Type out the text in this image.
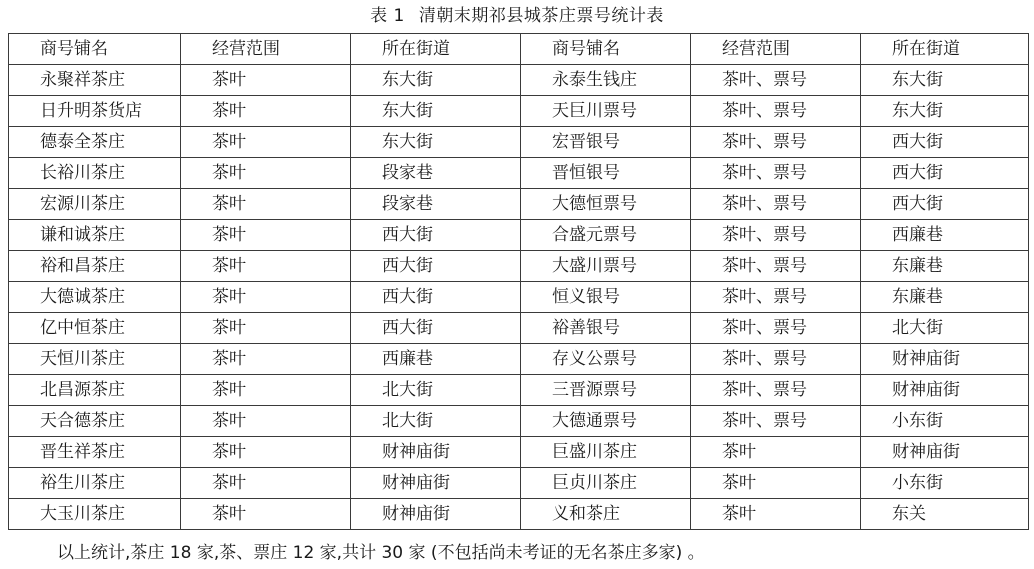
表 1 清朝末期祁县城茶庄票号统计表
商号铺名	经营范围	所在街道	商号铺名	经营范围	所在街道
永聚祥茶庄	茶叶	东大街	永泰生钱庄	茶叶、票号	东大街
日升明茶货店	茶叶	东大街	天巨川票号	茶叶、票号	东大街
德泰全茶庄	茶叶	东大街	宏晋银号	茶叶、票号	西大街
长裕川茶庄	茶叶	段家巷	晋恒银号	茶叶、票号	西大街
宏源川茶庄	茶叶	段家巷	大德恒票号	茶叶、票号	西大街
谦和诚茶庄	茶叶	西大街	合盛元票号	茶叶、票号	西廉巷
裕和昌茶庄	茶叶	西大街	大盛川票号	茶叶、票号	东廉巷
大德诚茶庄	茶叶	西大街	恒义银号	茶叶、票号	东廉巷
亿中恒茶庄	茶叶	西大街	裕善银号	茶叶、票号	北大街
天恒川茶庄	茶叶	西廉巷	存义公票号	茶叶、票号	财神庙街
北昌源茶庄	茶叶	北大街	三晋源票号	茶叶、票号	财神庙街
天合德茶庄	茶叶	北大街	大德通票号	茶叶、票号	小东街
晋生祥茶庄	茶叶	财神庙街	巨盛川茶庄	茶叶	财神庙街
裕生川茶庄	茶叶	财神庙街	巨贞川茶庄	茶叶	小东街
大玉川茶庄	茶叶	财神庙街	义和茶庄	茶叶	东关
以上统计,茶庄 18 家,茶、票庄 12 家,共计 30 家 (不包括尚未考证的无名茶庄多家) 。
